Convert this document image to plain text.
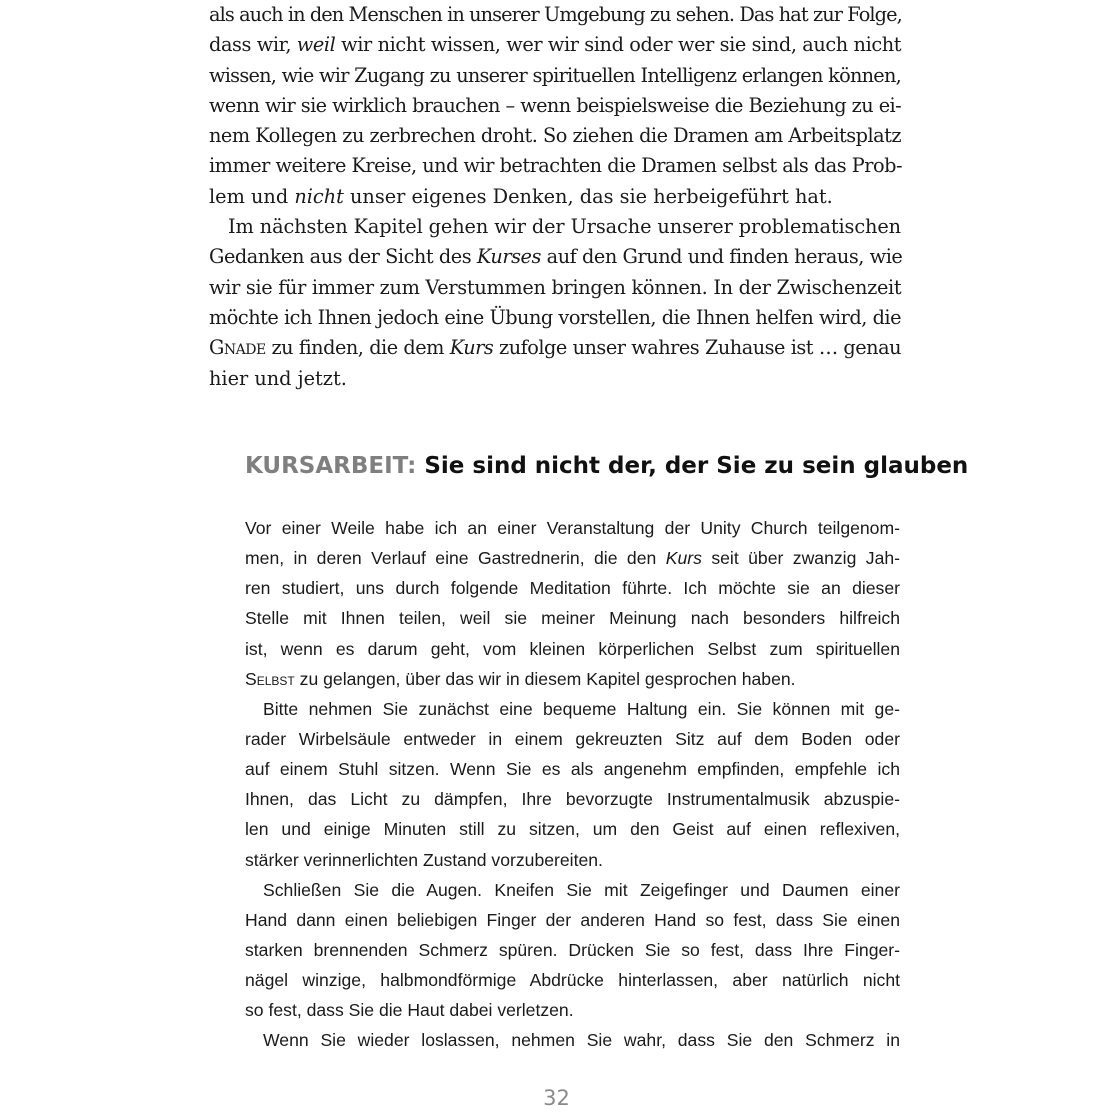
als auch in den Menschen in unserer Umgebung zu sehen. Das hat zur Folge,
dass wir, weil wir nicht wissen, wer wir sind oder wer sie sind, auch nicht
wissen, wie wir Zugang zu unserer spirituellen Intelligenz erlangen können,
wenn wir sie wirklich brauchen – wenn beispielsweise die Beziehung zu ei-
nem Kollegen zu zerbrechen droht. So ziehen die Dramen am Arbeitsplatz
immer weitere Kreise, und wir betrachten die Dramen selbst als das Prob-
lem und nicht unser eigenes Denken, das sie herbeigeführt hat.
Im nächsten Kapitel gehen wir der Ursache unserer problematischen
Gedanken aus der Sicht des Kurses auf den Grund und finden heraus, wie
wir sie für immer zum Verstummen bringen können. In der Zwischenzeit
möchte ich Ihnen jedoch eine Übung vorstellen, die Ihnen helfen wird, die
Gnade zu finden, die dem Kurs zufolge unser wahres Zuhause ist … genau
hier und jetzt.
KURSARBEIT: Sie sind nicht der, der Sie zu sein glauben
Vor einer Weile habe ich an einer Veranstaltung der Unity Church teilgenom-
men, in deren Verlauf eine Gastrednerin, die den Kurs seit über zwanzig Jah-
ren studiert, uns durch folgende Meditation führte. Ich möchte sie an dieser
Stelle mit Ihnen teilen, weil sie meiner Meinung nach besonders hilfreich
ist, wenn es darum geht, vom kleinen körperlichen Selbst zum spirituellen
Selbst zu gelangen, über das wir in diesem Kapitel gesprochen haben.
Bitte nehmen Sie zunächst eine bequeme Haltung ein. Sie können mit ge-
rader Wirbelsäule entweder in einem gekreuzten Sitz auf dem Boden oder
auf einem Stuhl sitzen. Wenn Sie es als angenehm empfinden, empfehle ich
Ihnen, das Licht zu dämpfen, Ihre bevorzugte Instrumentalmusik abzuspie-
len und einige Minuten still zu sitzen, um den Geist auf einen reflexiven,
stärker verinnerlichten Zustand vorzubereiten.
Schließen Sie die Augen. Kneifen Sie mit Zeigefinger und Daumen einer
Hand dann einen beliebigen Finger der anderen Hand so fest, dass Sie einen
starken brennenden Schmerz spüren. Drücken Sie so fest, dass Ihre Finger-
nägel winzige, halbmondförmige Abdrücke hinterlassen, aber natürlich nicht
so fest, dass Sie die Haut dabei verletzen.
Wenn Sie wieder loslassen, nehmen Sie wahr, dass Sie den Schmerz in
32
